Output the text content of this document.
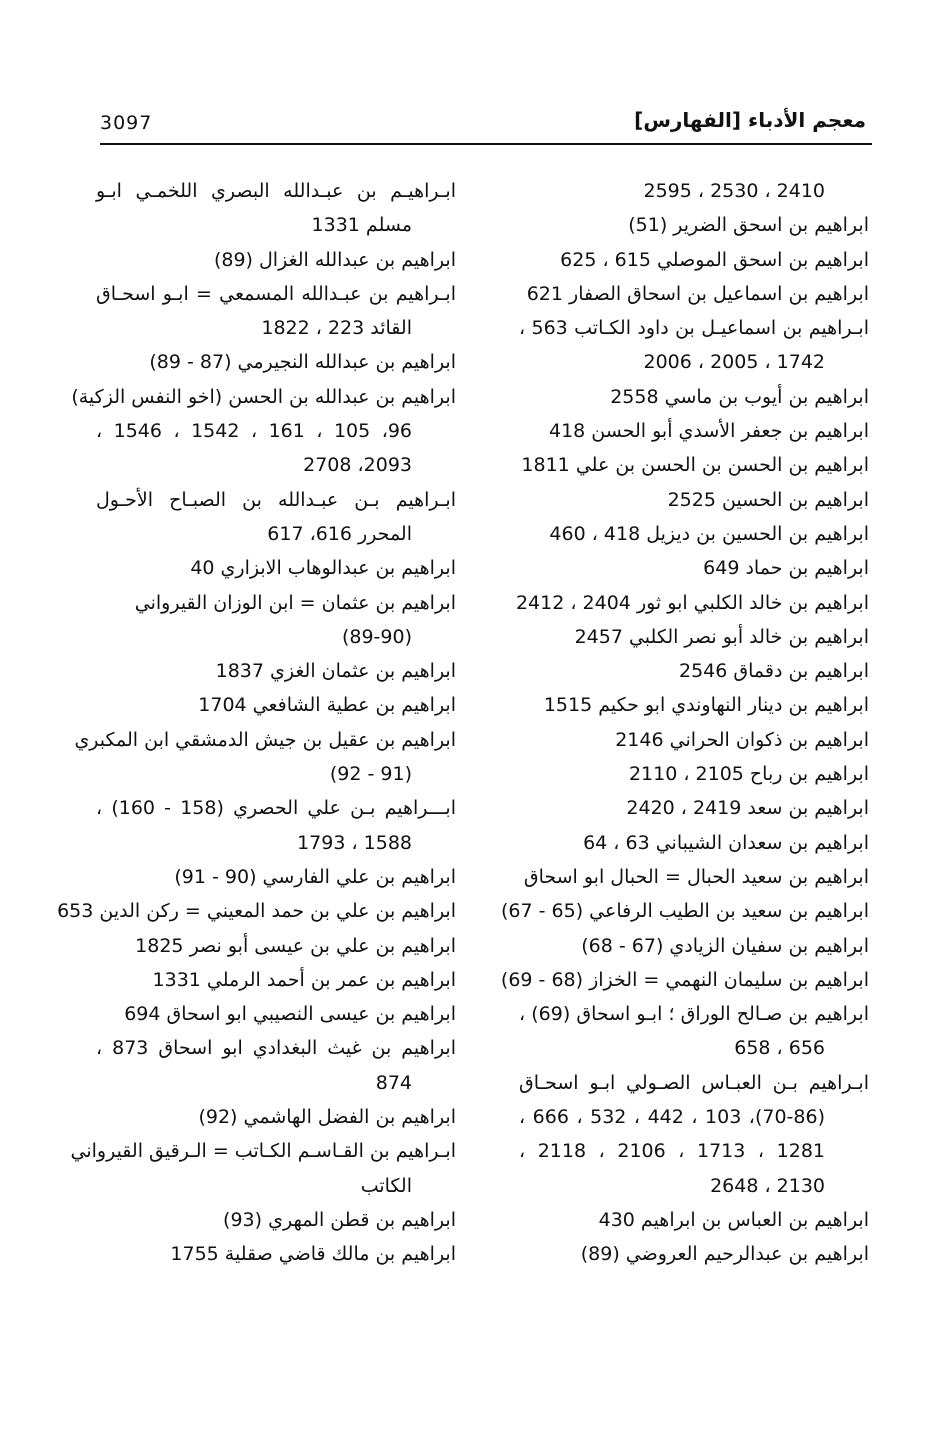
3097	معجم الأدباء [الفهارس]
2410 ، 2530 ، 2595
ابراهيم بن اسحق الضرير (51)
ابراهيم بن اسحق الموصلي 615 ، 625
ابراهيم بن اسماعيل بن اسحاق الصفار 621
ابـراهيم بن اسماعيـل بن داود الكـاتب 563 ،
1742 ، 2005 ، 2006
ابراهيم بن أيوب بن ماسي 2558
ابراهيم بن جعفر الأسدي أبو الحسن 418
ابراهيم بن الحسن بن الحسن بن علي 1811
ابراهيم بن الحسين 2525
ابراهيم بن الحسين بن ديزيل 418 ، 460
ابراهيم بن حماد 649
ابراهيم بن خالد الكلبي ابو ثور 2404 ، 2412
ابراهيم بن خالد أبو نصر الكلبي 2457
ابراهيم بن دقماق 2546
ابراهيم بن دينار النهاوندي ابو حكيم 1515
ابراهيم بن ذكوان الحراني 2146
ابراهيم بن رباح 2105 ، 2110
ابراهيم بن سعد 2419 ، 2420
ابراهيم بن سعدان الشيباني 63 ، 64
ابراهيم بن سعيد الحبال = الحبال ابو اسحاق
ابراهيم بن سعيد بن الطيب الرفاعي (65 - 67)
ابراهيم بن سفيان الزيادي (67 - 68)
ابراهيم بن سليمان النهمي = الخزاز (68 - 69)
ابراهيم بن صـالح الوراق ؛ ابـو اسحاق (69) ،
656 ، 658
ابـراهيم بـن العبـاس الصـولي ابـو اسحـاق
(70-86)، 103 ، 442 ، 532 ، 666 ،
1281 ، 1713 ، 2106 ، 2118 ،
2130 ، 2648
ابراهيم بن العباس بن ابراهيم 430
ابراهيم بن عبدالرحيم العروضي (89)
ابـراهيـم بن عبـدالله البصري اللخمـي ابـو
مسلم 1331
ابراهيم بن عبدالله الغزال (89)
ابـراهيم بن عبـدالله المسمعي = ابـو اسحـاق
القائد 223 ، 1822
ابراهيم بن عبدالله النجيرمي (87 - 89)
ابراهيم بن عبدالله بن الحسن (اخو النفس الزكية)
96، 105 ، 161 ، 1542 ، 1546 ،
2093، 2708
ابـراهيم بـن عبـدالله بن الصبـاح الأحـول
المحرر 616، 617
ابراهيم بن عبدالوهاب الابزاري 40
ابراهيم بن عثمان = ابن الوزان القيرواني
(89-90)
ابراهيم بن عثمان الغزي 1837
ابراهيم بن عطية الشافعي 1704
ابراهيم بن عقيل بن جيش الدمشقي ابن المكبري
(91 - 92)
ابـــراهيم بـن علي الحصري (158 - 160) ،
1588 ، 1793
ابراهيم بن علي الفارسي (90 - 91)
ابراهيم بن علي بن حمد المعيني = ركن الدين 653
ابراهيم بن علي بن عيسى أبو نصر 1825
ابراهيم بن عمر بن أحمد الرملي 1331
ابراهيم بن عيسى النصيبي ابو اسحاق 694
ابراهيم بن غيث البغدادي ابو اسحاق 873 ،
874
ابراهيم بن الفضل الهاشمي (92)
ابـراهيم بن القـاسـم الكـاتب = الـرقيق القيرواني
الكاتب
ابراهيم بن قطن المهري (93)
ابراهيم بن مالك قاضي صقلية 1755
